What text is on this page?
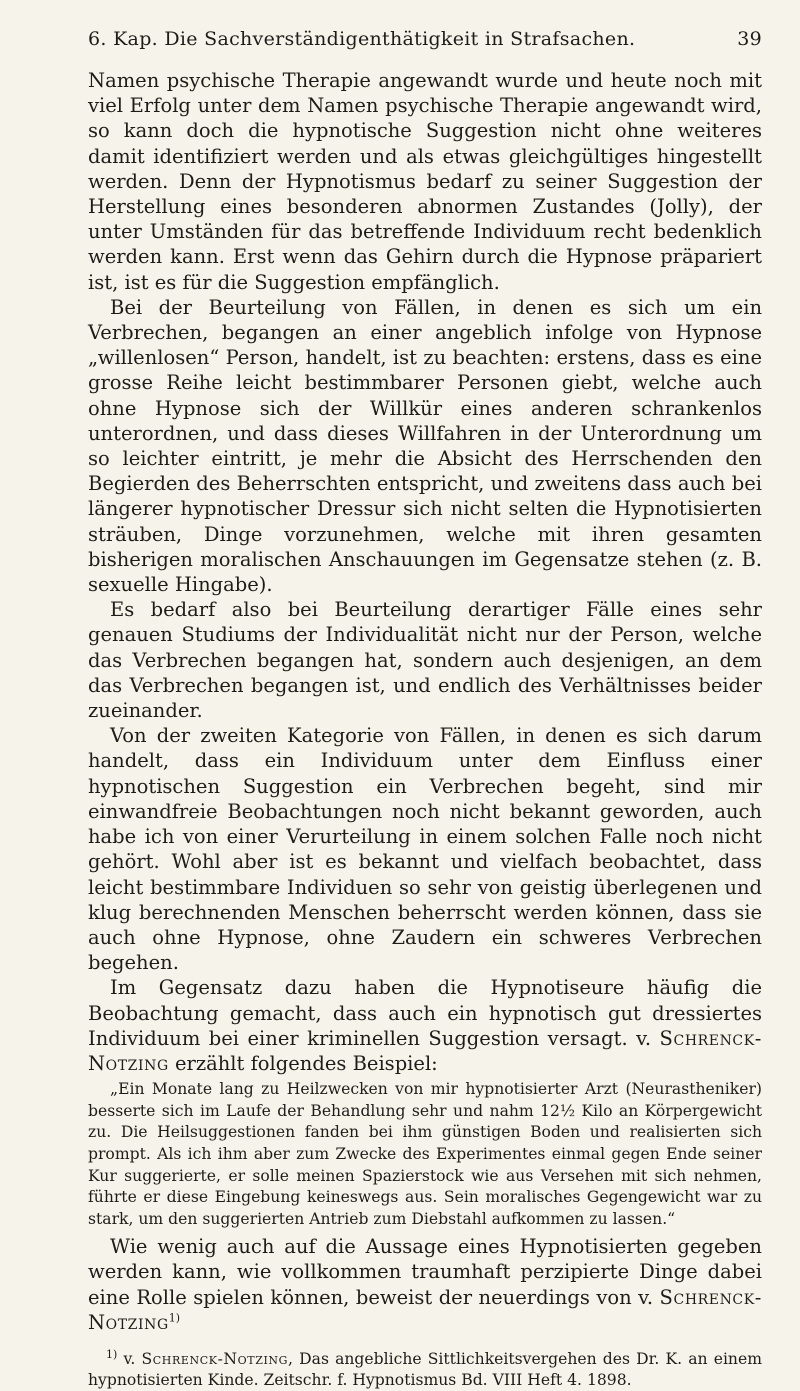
6. Kap. Die Sachverständigenthätigkeit in Strafsachen.	39

Namen psychische Therapie angewandt wurde und heute noch mit viel Erfolg unter dem Namen psychische Therapie angewandt wird, so kann doch die hypnotische Suggestion nicht ohne weiteres damit identifiziert werden und als etwas gleichgültiges hingestellt werden. Denn der Hypnotismus bedarf zu seiner Suggestion der Herstellung eines besonderen abnormen Zustandes (Jolly), der unter Umständen für das betreffende Individuum recht bedenklich werden kann. Erst wenn das Gehirn durch die Hypnose präpariert ist, ist es für die Suggestion empfänglich.

Bei der Beurteilung von Fällen, in denen es sich um ein Verbrechen, begangen an einer angeblich infolge von Hypnose „willenlosen“ Person, handelt, ist zu beachten: erstens, dass es eine grosse Reihe leicht bestimmbarer Personen giebt, welche auch ohne Hypnose sich der Willkür eines anderen schrankenlos unterordnen, und dass dieses Willfahren in der Unterordnung um so leichter eintritt, je mehr die Absicht des Herrschenden den Begierden des Beherrschten entspricht, und zweitens dass auch bei längerer hypnotischer Dressur sich nicht selten die Hypnotisierten sträuben, Dinge vorzunehmen, welche mit ihren gesamten bisherigen moralischen Anschauungen im Gegensatze stehen (z. B. sexuelle Hingabe).

Es bedarf also bei Beurteilung derartiger Fälle eines sehr genauen Studiums der Individualität nicht nur der Person, welche das Verbrechen begangen hat, sondern auch desjenigen, an dem das Verbrechen begangen ist, und endlich des Verhältnisses beider zueinander.

Von der zweiten Kategorie von Fällen, in denen es sich darum handelt, dass ein Individuum unter dem Einfluss einer hypnotischen Suggestion ein Verbrechen begeht, sind mir einwandfreie Beobachtungen noch nicht bekannt geworden, auch habe ich von einer Verurteilung in einem solchen Falle noch nicht gehört. Wohl aber ist es bekannt und vielfach beobachtet, dass leicht bestimmbare Individuen so sehr von geistig überlegenen und klug berechnenden Menschen beherrscht werden können, dass sie auch ohne Hypnose, ohne Zaudern ein schweres Verbrechen begehen.

Im Gegensatz dazu haben die Hypnotiseure häufig die Beobachtung gemacht, dass auch ein hypnotisch gut dressiertes Individuum bei einer kriminellen Suggestion versagt. v. Schrenck-Notzing erzählt folgendes Beispiel:

„Ein Monate lang zu Heilzwecken von mir hypnotisierter Arzt (Neurastheniker) besserte sich im Laufe der Behandlung sehr und nahm 12½ Kilo an Körpergewicht zu. Die Heilsuggestionen fanden bei ihm günstigen Boden und realisierten sich prompt. Als ich ihm aber zum Zwecke des Experimentes einmal gegen Ende seiner Kur suggerierte, er solle meinen Spazierstock wie aus Versehen mit sich nehmen, führte er diese Eingebung keineswegs aus. Sein moralisches Gegengewicht war zu stark, um den suggerierten Antrieb zum Diebstahl aufkommen zu lassen.“

Wie wenig auch auf die Aussage eines Hypnotisierten gegeben werden kann, wie vollkommen traumhaft perzipierte Dinge dabei eine Rolle spielen können, beweist der neuerdings von v. Schrenck-Notzing$^{1)}$

$^{1)}$ v. Schrenck-Notzing, Das angebliche Sittlichkeitsvergehen des Dr. K. an einem hypnotisierten Kinde. Zeitschr. f. Hypnotismus Bd. VIII Heft 4. 1898.
